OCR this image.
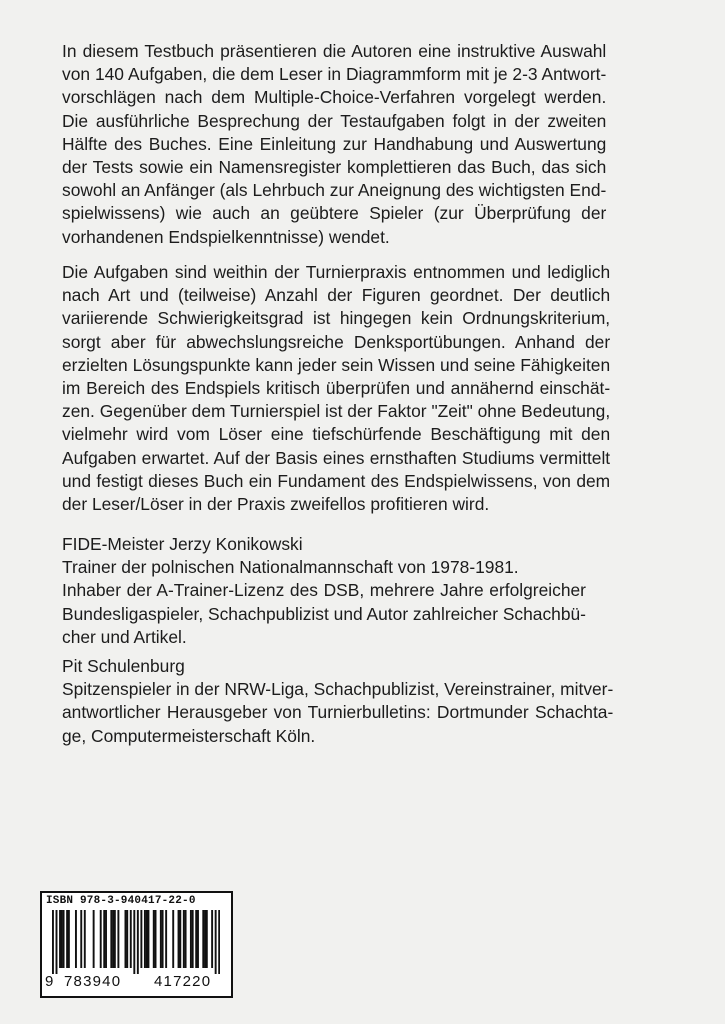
In diesem Testbuch präsentieren die Autoren eine instruktive Auswahl
von 140 Aufgaben, die dem Leser in Diagrammform mit je 2-3 Antwort-
vorschlägen nach dem Multiple-Choice-Verfahren vorgelegt werden.
Die ausführliche Besprechung der Testaufgaben folgt in der zweiten
Hälfte des Buches. Eine Einleitung zur Handhabung und Auswertung
der Tests sowie ein Namensregister komplettieren das Buch, das sich
sowohl an Anfänger (als Lehrbuch zur Aneignung des wichtigsten End-
spielwissens) wie auch an geübtere Spieler (zur Überprüfung der
vorhandenen Endspielkenntnisse) wendet.
Die Aufgaben sind weithin der Turnierpraxis entnommen und lediglich
nach Art und (teilweise) Anzahl der Figuren geordnet. Der deutlich
variierende Schwierigkeitsgrad ist hingegen kein Ordnungskriterium,
sorgt aber für abwechslungsreiche Denksportübungen. Anhand der
erzielten Lösungspunkte kann jeder sein Wissen und seine Fähigkeiten
im Bereich des Endspiels kritisch überprüfen und annähernd einschät-
zen. Gegenüber dem Turnierspiel ist der Faktor "Zeit" ohne Bedeutung,
vielmehr wird vom Löser eine tiefschürfende Beschäftigung mit den
Aufgaben erwartet. Auf der Basis eines ernsthaften Studiums vermittelt
und festigt dieses Buch ein Fundament des Endspielwissens, von dem
der Leser/Löser in der Praxis zweifellos profitieren wird.
FIDE-Meister Jerzy Konikowski
Trainer der polnischen Nationalmannschaft von 1978-1981.
Inhaber der A-Trainer-Lizenz des DSB, mehrere Jahre erfolgreicher
Bundesligaspieler, Schachpublizist und Autor zahlreicher Schachbü-
cher und Artikel.
Pit Schulenburg
Spitzenspieler in der NRW-Liga, Schachpublizist, Vereinstrainer, mitver-
antwortlicher Herausgeber von Turnierbulletins: Dortmunder Schachta-
ge, Computermeisterschaft Köln.
ISBN 978-3-940417-22-0
9 783940 417220
